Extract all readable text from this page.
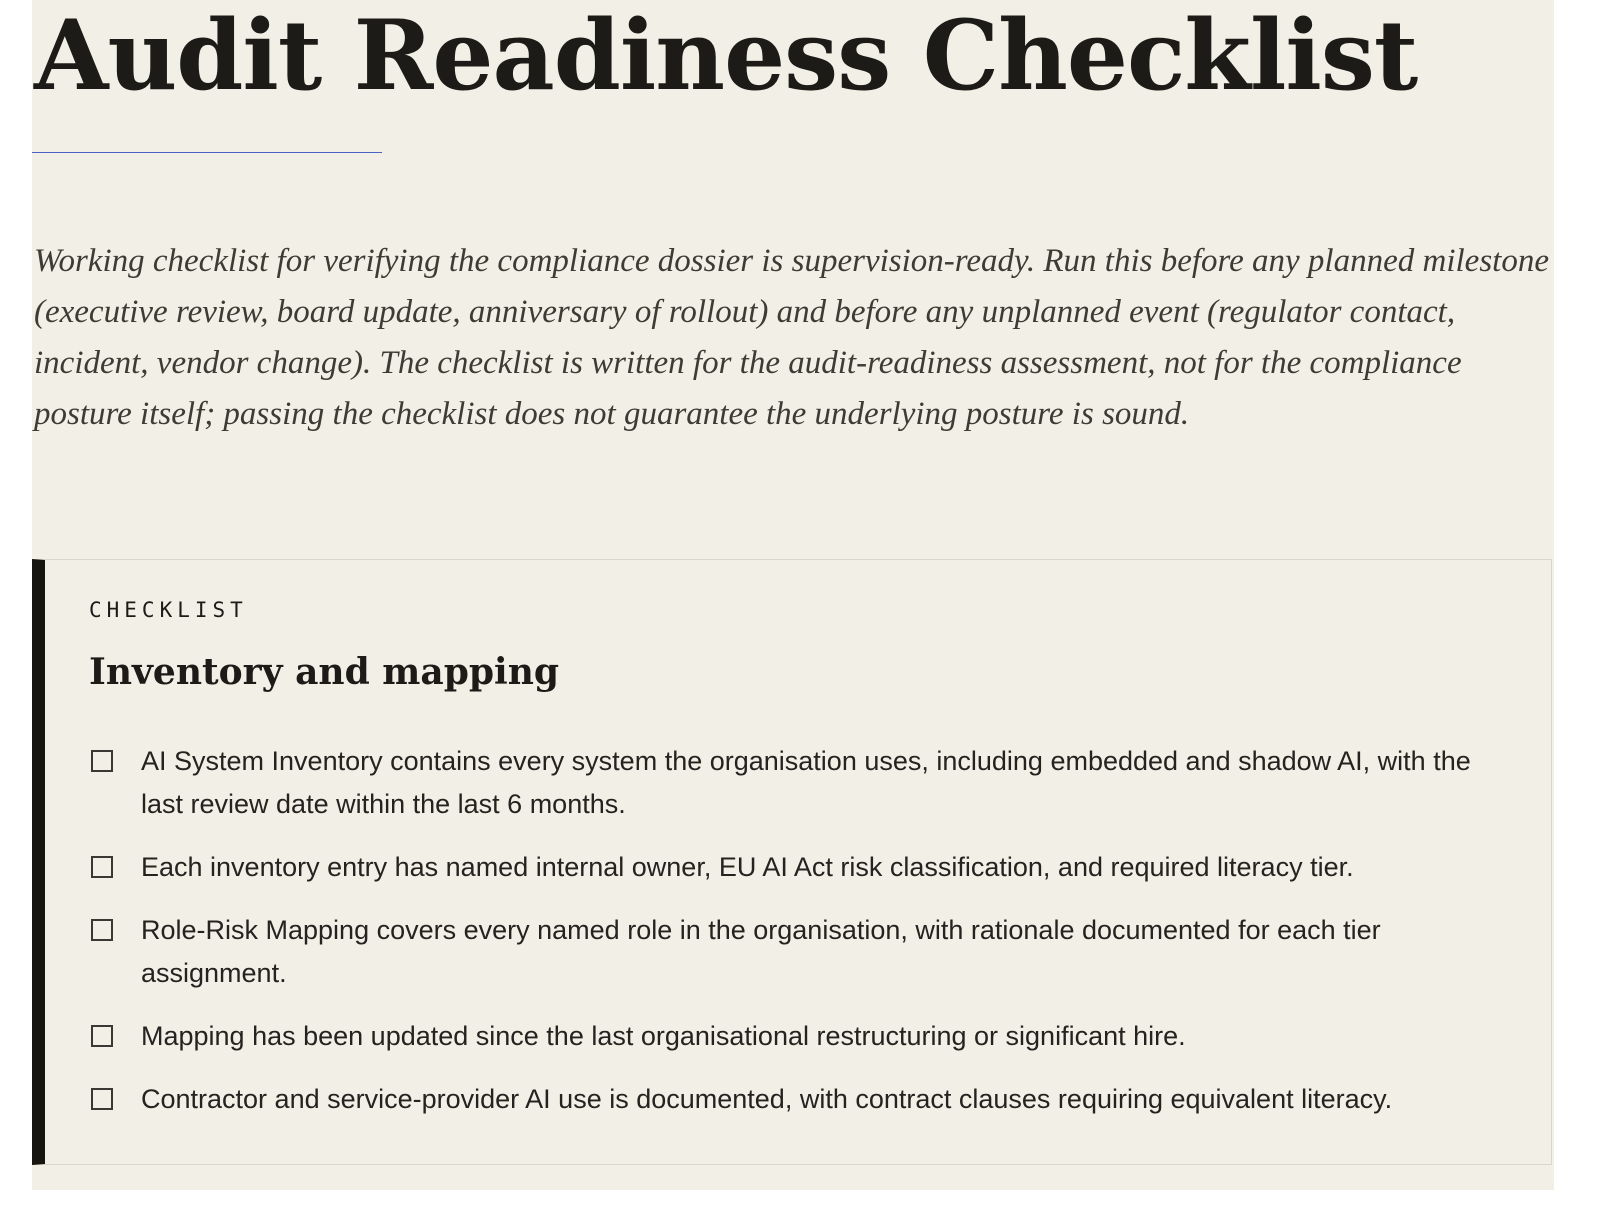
Audit Readiness Checklist

Working checklist for verifying the compliance dossier is supervision-ready. Run this before any planned milestone (executive review, board update, anniversary of rollout) and before any unplanned event (regulator contact, incident, vendor change). The checklist is written for the audit-readiness assessment, not for the compliance posture itself; passing the checklist does not guarantee the underlying posture is sound.

CHECKLIST
Inventory and mapping
AI System Inventory contains every system the organisation uses, including embedded and shadow AI, with the last review date within the last 6 months.
Each inventory entry has named internal owner, EU AI Act risk classification, and required literacy tier.
Role-Risk Mapping covers every named role in the organisation, with rationale documented for each tier assignment.
Mapping has been updated since the last organisational restructuring or significant hire.
Contractor and service-provider AI use is documented, with contract clauses requiring equivalent literacy.
